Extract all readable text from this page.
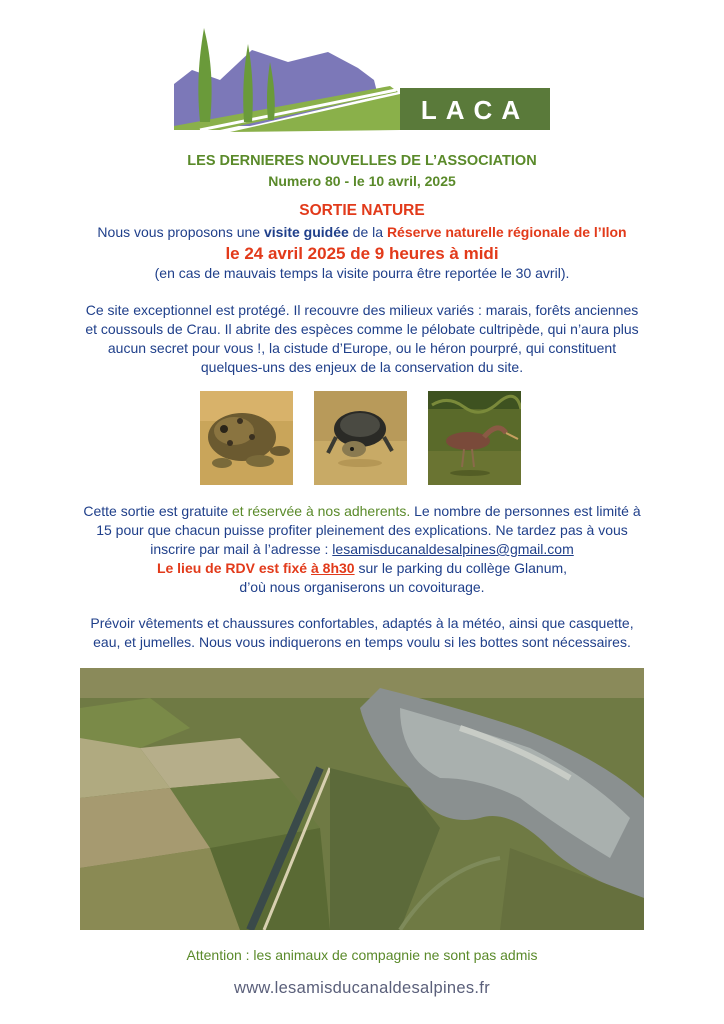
LACA
LES DERNIERES NOUVELLES DE L’ASSOCIATION
Numero 80 - le 10 avril, 2025
SORTIE NATURE
Nous vous proposons une visite guidée de la Réserve naturelle régionale de l’Ilon
le 24 avril 2025 de 9 heures à midi
(en cas de mauvais temps la visite pourra être reportée le 30 avril).
Ce site exceptionnel est protégé. Il recouvre des milieux variés : marais, forêts anciennes
et coussouls de Crau. Il abrite des espèces comme le pélobate cultripède, qui n’aura plus
aucun secret pour vous !, la cistude d’Europe, ou le héron pourpré, qui constituent
quelques-uns des enjeux de la conservation du site.
Cette sortie est gratuite et réservée à nos adherents. Le nombre de personnes est limité à
15 pour que chacun puisse profiter pleinement des explications. Ne tardez pas à vous
inscrire par mail à l’adresse : lesamisducanaldesalpines@gmail.com
Le lieu de RDV est fixé à 8h30 sur le parking du collège Glanum,
d’où nous organiserons un covoiturage.
Prévoir vêtements et chaussures confortables, adaptés à la météo, ainsi que casquette,
eau, et jumelles. Nous vous indiquerons en temps voulu si les bottes sont nécessaires.
Attention : les animaux de compagnie ne sont pas admis
www.lesamisducanaldesalpines.fr
